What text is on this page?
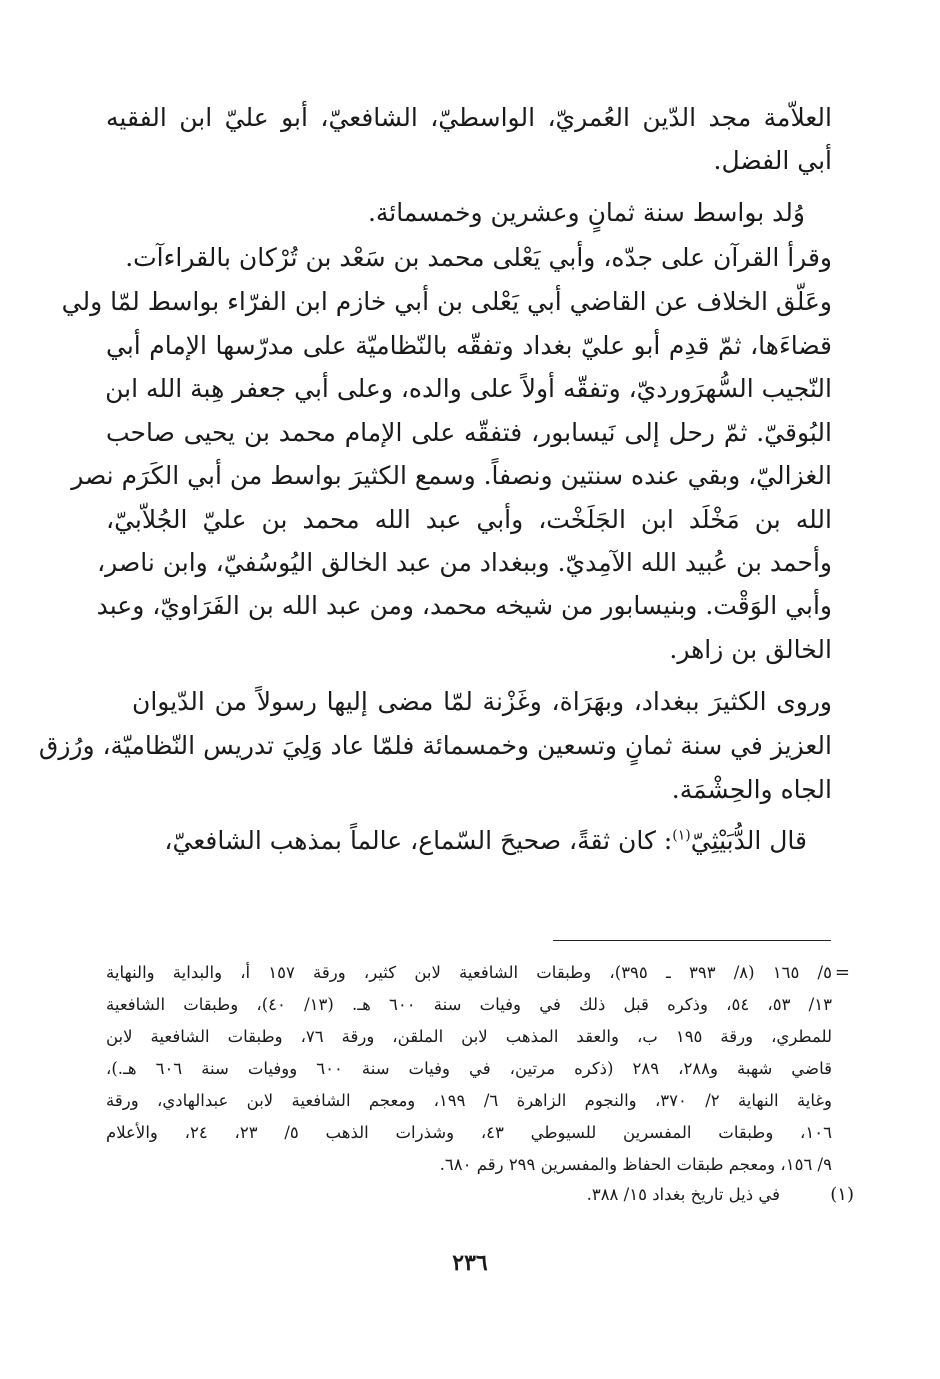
العلاّمة مجد الدّين العُمريّ، الواسطيّ، الشافعيّ، أبو عليّ ابن الفقيه

أبي الفضل.

وُلد بواسط سنة ثمانٍ وعشرين وخمسمائة.

وقرأ القرآن على جدّه، وأبي يَعْلى محمد بن سَعْد بن تُرْكان بالقراءآت.

وعَلّق الخلاف عن القاضي أبي يَعْلى بن أبي خازم ابن الفرّاء بواسط لمّا ولي

قضاءَها، ثمّ قدِم أبو عليّ بغداد وتفقّه بالنّظاميّة على مدرّسها الإمام أبي

النّجيب السُّهرَورديّ، وتفقّه أولاً على والده، وعلى أبي جعفر هِبة الله ابن

البُوقيّ. ثمّ رحل إلى نَيسابور، فتفقّه على الإمام محمد بن يحيى صاحب

الغزاليّ، وبقي عنده سنتين ونصفاً. وسمع الكثيرَ بواسط من أبي الكَرَم نصر

الله بن مَخْلَد ابن الجَلَخْت، وأبي عبد الله محمد بن عليّ الجُلاّبيّ،

وأحمد بن عُبيد الله الآمِديّ. وببغداد من عبد الخالق اليُوسُفيّ، وابن ناصر،

وأبي الوَقْت. وبنيسابور من شيخه محمد، ومن عبد الله بن الفَرَاويّ، وعبد

الخالق بن زاهر.

وروى الكثيرَ ببغداد، وبهَرَاة، وغَزْنة لمّا مضى إليها رسولاً من الدّيوان

العزيز في سنة ثمانٍ وتسعين وخمسمائة فلمّا عاد وَلِيَ تدريس النّظاميّة، ورُزق

الجاه والحِشْمَة.

قال الدُّبَيْثِيّ$^{(١)}$: كان ثقةً، صحيحَ السّماع، عالماً بمذهب الشافعيّ،

=

٥/ ١٦٥ (٨/ ٣٩٣ ـ ٣٩٥)، وطبقات الشافعية لابن كثير، ورقة ١٥٧ أ، والبداية والنهاية

١٣/ ٥٣، ٥٤، وذكره قبل ذلك في وفيات سنة ٦٠٠ هـ. (١٣/ ٤٠)، وطبقات الشافعية

للمطري، ورقة ١٩٥ ب، والعقد المذهب لابن الملقن، ورقة ٧٦، وطبقات الشافعية لابن

قاضي شهبة و٢٨٨، ٢٨٩ (ذكره مرتين، في وفيات سنة ٦٠٠ ووفيات سنة ٦٠٦ هـ.)،

وغاية النهاية ٢/ ٣٧٠، والنجوم الزاهرة ٦/ ١٩٩، ومعجم الشافعية لابن عبدالهادي، ورقة

١٠٦، وطبقات المفسرين للسيوطي ٤٣، وشذرات الذهب ٥/ ٢٣، ٢٤، والأعلام

٩/ ١٥٦، ومعجم طبقات الحفاظ والمفسرين ٢٩٩ رقم ٦٨٠.

(١)

في ذيل تاريخ بغداد ١٥/ ٣٨٨.

٢٣٦
